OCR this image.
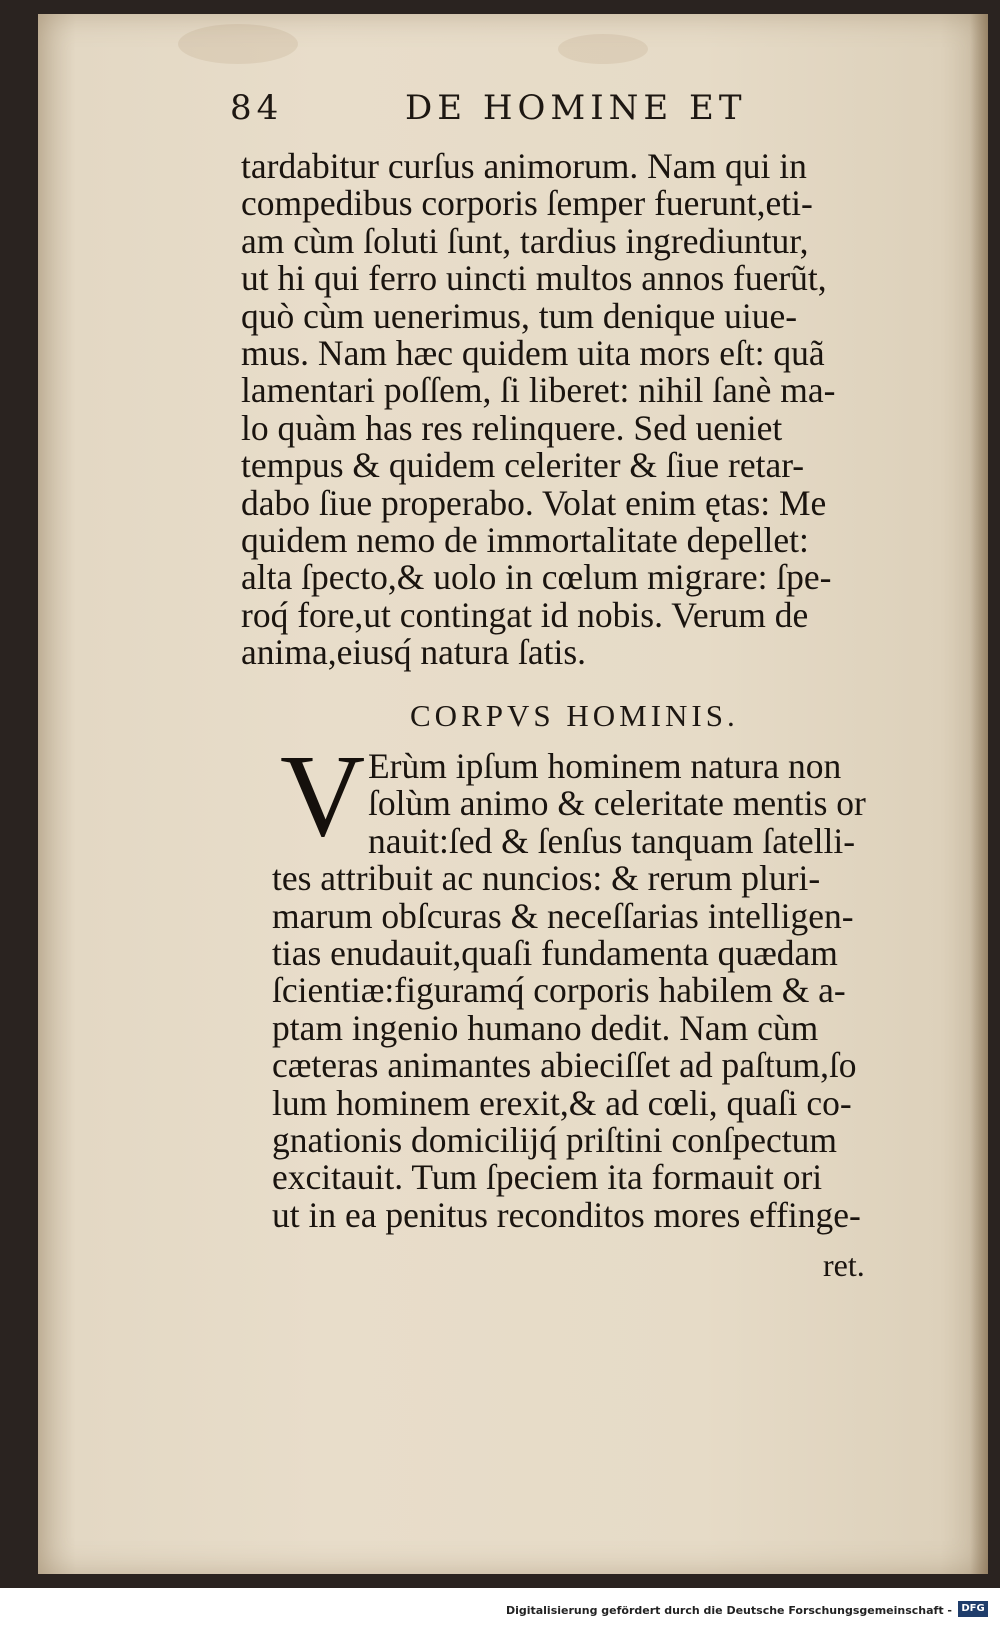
84	DE HOMINE ET
tardabitur curſus animorum. Nam qui in
compedibus corporis ſemper fuerunt,eti-
am cùm ſoluti ſunt, tardius ingrediuntur,
ut hi qui ferro uincti multos annos fuerũt,
quò cùm uenerimus, tum denique uiue-
mus. Nam hæc quidem uita mors eſt: quã
lamentari poſſem, ſi liberet: nihil ſanè ma-
lo quàm has res relinquere. Sed ueniet
tempus & quidem celeriter & ſiue retar-
dabo ſiue properabo. Volat enim ętas: Me
quidem nemo de immortalitate depellet:
alta ſpecto,& uolo in cœlum migrare: ſpe-
roq́ fore,ut contingat id nobis. Verum de
anima,eiusq́ natura ſatis.
CORPVS HOMINIS.
V Erùm ipſum hominem natura non
ſolùm animo & celeritate mentis or
nauit:ſed & ſenſus tanquam ſatelli-
tes attribuit ac nuncios: & rerum pluri-
marum obſcuras & neceſſarias intelligen-
tias enudauit,quaſi fundamenta quædam
ſcientiæ:figuramq́ corporis habilem & a-
ptam ingenio humano dedit. Nam cùm
cæteras animantes abieciſſet ad paſtum,ſo
lum hominem erexit,& ad cœli, quaſi co-
gnationis domicilijq́ priſtini conſpectum
excitauit. Tum ſpeciem ita formauit ori
ut in ea penitus reconditos mores effinge-
ret.
Digitalisierung gefördert durch die Deutsche Forschungsgemeinschaft - DFG
